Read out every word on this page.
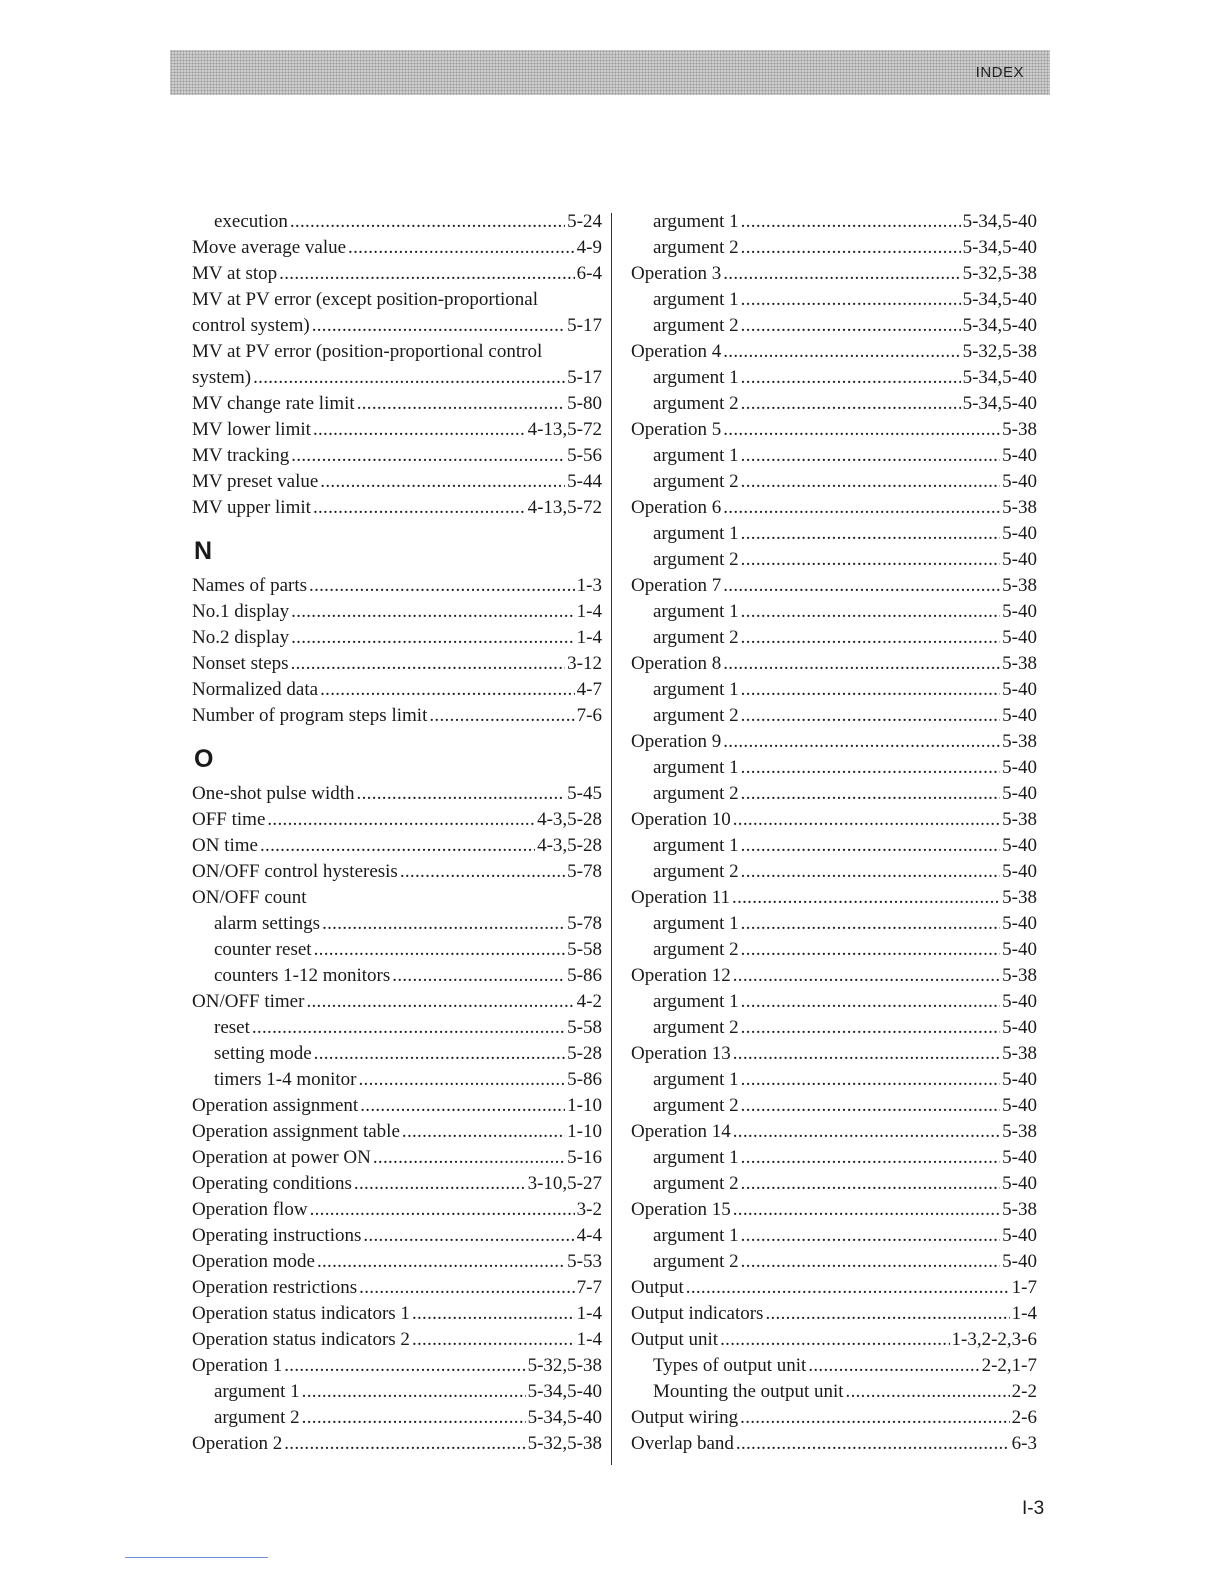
INDEX
execution .....	5-24
Move average value .....	4-9
MV at stop .....	6-4
MV at PV error (except position-proportional
control system) .....	5-17
MV at PV error (position-proportional control
system) .....	5-17
MV change rate limit .....	5-80
MV lower limit .....	4-13,5-72
MV tracking .....	5-56
MV preset value .....	5-44
MV upper limit .....	4-13,5-72
N
Names of parts .....	1-3
No.1 display .....	1-4
No.2 display .....	1-4
Nonset steps .....	3-12
Normalized data .....	4-7
Number of program steps limit .....	7-6
O
One-shot pulse width .....	5-45
OFF time .....	4-3,5-28
ON time .....	4-3,5-28
ON/OFF control hysteresis .....	5-78
ON/OFF count
alarm settings .....	5-78
counter reset .....	5-58
counters 1-12 monitors .....	5-86
ON/OFF timer .....	4-2
reset .....	5-58
setting mode .....	5-28
timers 1-4 monitor .....	5-86
Operation assignment .....	1-10
Operation assignment table .....	1-10
Operation at power ON .....	5-16
Operating conditions .....	3-10,5-27
Operation flow .....	3-2
Operating instructions .....	4-4
Operation mode .....	5-53
Operation restrictions .....	7-7
Operation status indicators 1 .....	1-4
Operation status indicators 2 .....	1-4
Operation 1 .....	5-32,5-38
argument 1 .....	5-34,5-40
argument 2 .....	5-34,5-40
Operation 2 .....	5-32,5-38
argument 1 .....	5-34,5-40
argument 2 .....	5-34,5-40
Operation 3 .....	5-32,5-38
argument 1 .....	5-34,5-40
argument 2 .....	5-34,5-40
Operation 4 .....	5-32,5-38
argument 1 .....	5-34,5-40
argument 2 .....	5-34,5-40
Operation 5 .....	5-38
argument 1 .....	5-40
argument 2 .....	5-40
Operation 6 .....	5-38
argument 1 .....	5-40
argument 2 .....	5-40
Operation 7 .....	5-38
argument 1 .....	5-40
argument 2 .....	5-40
Operation 8 .....	5-38
argument 1 .....	5-40
argument 2 .....	5-40
Operation 9 .....	5-38
argument 1 .....	5-40
argument 2 .....	5-40
Operation 10 .....	5-38
argument 1 .....	5-40
argument 2 .....	5-40
Operation 11 .....	5-38
argument 1 .....	5-40
argument 2 .....	5-40
Operation 12 .....	5-38
argument 1 .....	5-40
argument 2 .....	5-40
Operation 13 .....	5-38
argument 1 .....	5-40
argument 2 .....	5-40
Operation 14 .....	5-38
argument 1 .....	5-40
argument 2 .....	5-40
Operation 15 .....	5-38
argument 1 .....	5-40
argument 2 .....	5-40
Output .....	1-7
Output indicators .....	1-4
Output unit .....	1-3,2-2,3-6
Types of output unit .....	2-2,1-7
Mounting the output unit .....	2-2
Output wiring .....	2-6
Overlap band .....	6-3
I-3
